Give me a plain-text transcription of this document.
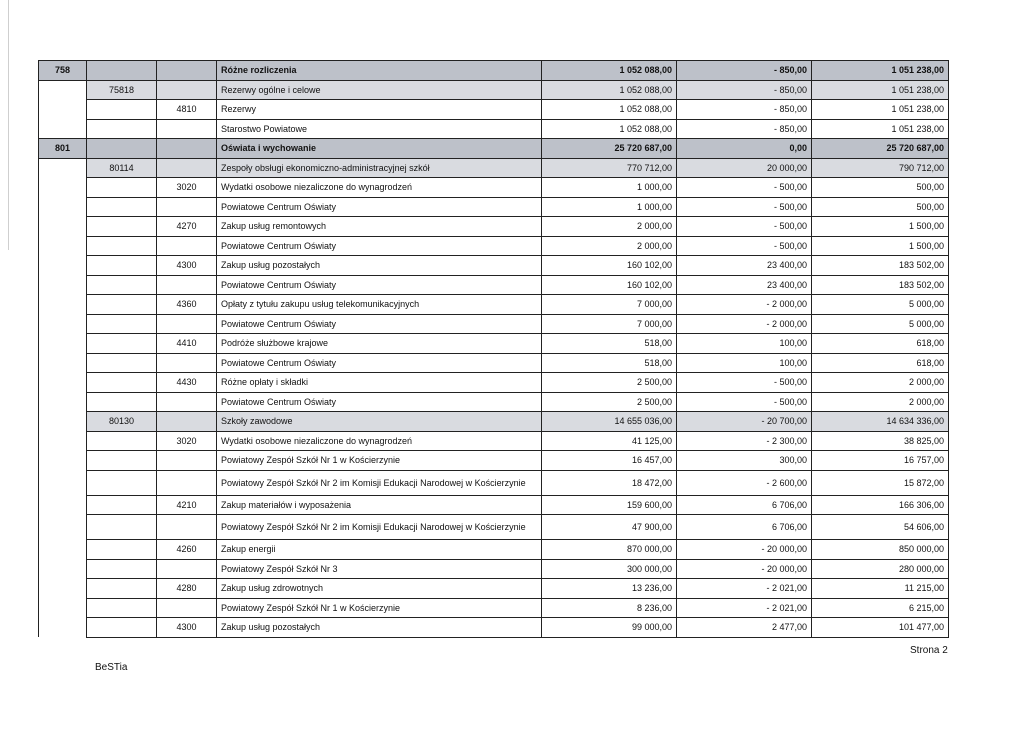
758			Różne rozliczenia	1 052 088,00	- 850,00	1 051 238,00
	75818		Rezerwy ogólne i celowe	1 052 088,00	- 850,00	1 051 238,00
		4810	Rezerwy	1 052 088,00	- 850,00	1 051 238,00
			Starostwo Powiatowe	1 052 088,00	- 850,00	1 051 238,00
801			Oświata i wychowanie	25 720 687,00	0,00	25 720 687,00
	80114		Zespoły obsługi ekonomiczno-administracyjnej szkół	770 712,00	20 000,00	790 712,00
		3020	Wydatki osobowe niezaliczone do wynagrodzeń	1 000,00	- 500,00	500,00
			Powiatowe Centrum Oświaty	1 000,00	- 500,00	500,00
		4270	Zakup usług remontowych	2 000,00	- 500,00	1 500,00
			Powiatowe Centrum Oświaty	2 000,00	- 500,00	1 500,00
		4300	Zakup usług pozostałych	160 102,00	23 400,00	183 502,00
			Powiatowe Centrum Oświaty	160 102,00	23 400,00	183 502,00
		4360	Opłaty z tytułu zakupu usług telekomunikacyjnych	7 000,00	- 2 000,00	5 000,00
			Powiatowe Centrum Oświaty	7 000,00	- 2 000,00	5 000,00
		4410	Podróże służbowe krajowe	518,00	100,00	618,00
			Powiatowe Centrum Oświaty	518,00	100,00	618,00
		4430	Różne opłaty i składki	2 500,00	- 500,00	2 000,00
			Powiatowe Centrum Oświaty	2 500,00	- 500,00	2 000,00
	80130		Szkoły zawodowe	14 655 036,00	- 20 700,00	14 634 336,00
		3020	Wydatki osobowe niezaliczone do wynagrodzeń	41 125,00	- 2 300,00	38 825,00
			Powiatowy Zespół Szkół Nr 1 w Kościerzynie	16 457,00	300,00	16 757,00
			Powiatowy Zespół Szkół Nr 2 im Komisji Edukacji Narodowej w Kościerzynie	18 472,00	- 2 600,00	15 872,00
		4210	Zakup materiałów i wyposażenia	159 600,00	6 706,00	166 306,00
			Powiatowy Zespół Szkół Nr 2 im Komisji Edukacji Narodowej w Kościerzynie	47 900,00	6 706,00	54 606,00
		4260	Zakup energii	870 000,00	- 20 000,00	850 000,00
			Powiatowy Zespół Szkół Nr 3	300 000,00	- 20 000,00	280 000,00
		4280	Zakup usług zdrowotnych	13 236,00	- 2 021,00	11 215,00
			Powiatowy Zespół Szkół Nr 1 w Kościerzynie	8 236,00	- 2 021,00	6 215,00
		4300	Zakup usług pozostałych	99 000,00	2 477,00	101 477,00
BeSTia
Strona 2
